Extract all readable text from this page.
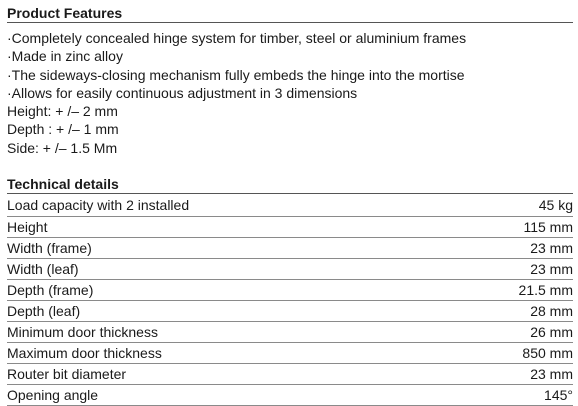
Product Features
·Completely concealed hinge system for timber, steel or aluminium frames
·Made in zinc alloy
·The sideways-closing mechanism fully embeds the hinge into the mortise
·Allows for easily continuous adjustment in 3 dimensions
Height: + /– 2 mm
Depth : + /– 1 mm
Side: + /– 1.5 Mm
Technical details
Load capacity with 2 installed	45 kg
Height	115 mm
Width (frame)	23 mm
Width (leaf)	23 mm
Depth (frame)	21.5 mm
Depth (leaf)	28 mm
Minimum door thickness	26 mm
Maximum door thickness	850 mm
Router bit diameter	23 mm
Opening angle	145°
